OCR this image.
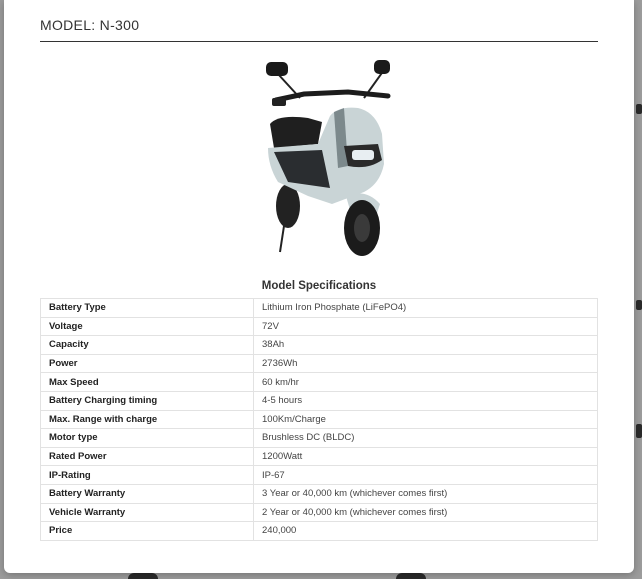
MODEL: N-300
Model Specifications
Battery Type	Lithium Iron Phosphate (LiFePO4)
Voltage	72V
Capacity	38Ah
Power	2736Wh
Max Speed	60 km/hr
Battery Charging timing	4-5 hours
Max. Range with charge	100Km/Charge
Motor type	Brushless DC (BLDC)
Rated Power	1200Watt
IP-Rating	IP-67
Battery Warranty	3 Year or 40,000 km (whichever comes first)
Vehicle Warranty	2 Year or 40,000 km (whichever comes first)
Price	240,000
